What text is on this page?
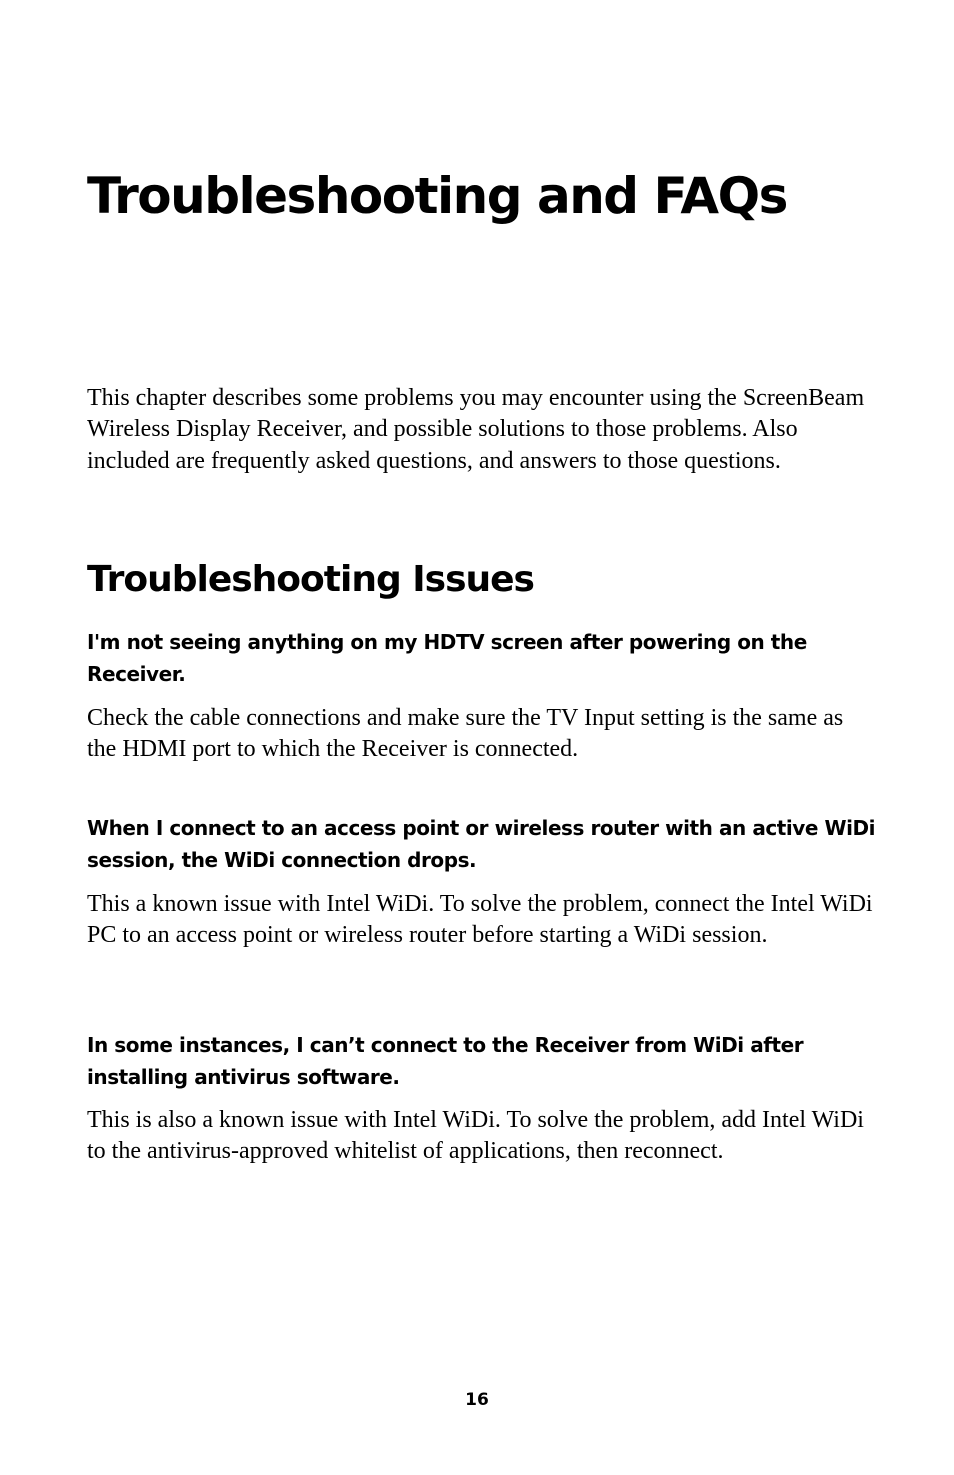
Troubleshooting and FAQs

This chapter describes some problems you may encounter using the ScreenBeam Wireless Display Receiver, and possible solutions to those problems. Also included are frequently asked questions, and answers to those questions.

Troubleshooting Issues
I'm not seeing anything on my HDTV screen after powering on the Receiver.

Check the cable connections and make sure the TV Input setting is the same as the HDMI port to which the Receiver is connected.

When I connect to an access point or wireless router with an active WiDi session, the WiDi connection drops.

This a known issue with Intel WiDi. To solve the problem, connect the Intel WiDi PC to an access point or wireless router before starting a WiDi session.

In some instances, I can’t connect to the Receiver from WiDi after installing antivirus software.

This is also a known issue with Intel WiDi. To solve the problem, add Intel WiDi to the antivirus-approved whitelist of applications, then reconnect.

16
